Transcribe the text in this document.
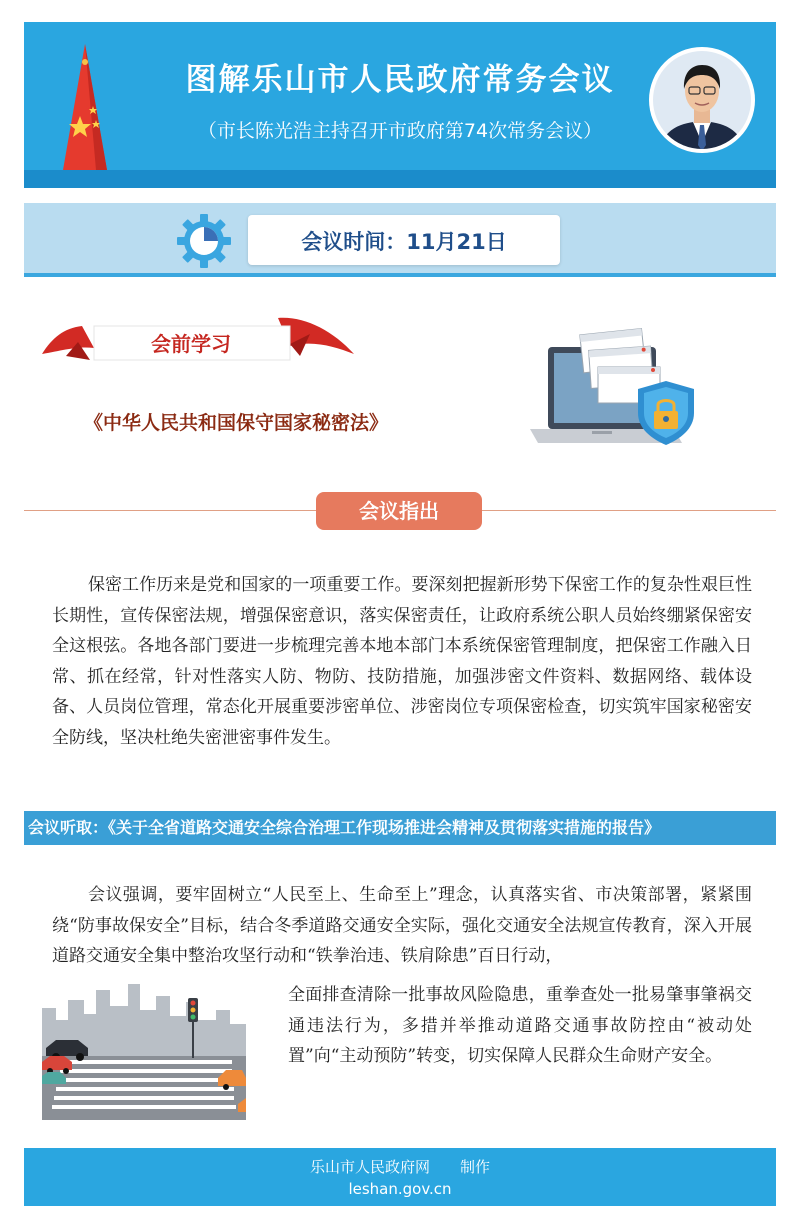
图解乐山市人民政府常务会议
（市长陈光浩主持召开市政府第74次常务会议）
会议时间：11月21日
会前学习
《中华人民共和国保守国家秘密法》
会议指出
保密工作历来是党和国家的一项重要工作。要深刻把握新形势下保密工作的复杂性艰巨性长期性，宣传保密法规，增强保密意识，落实保密责任，让政府系统公职人员始终绷紧保密安全这根弦。各地各部门要进一步梳理完善本地本部门本系统保密管理制度，把保密工作融入日常、抓在经常，针对性落实人防、物防、技防措施，加强涉密文件资料、数据网络、载体设备、人员岗位管理，常态化开展重要涉密单位、涉密岗位专项保密检查，切实筑牢国家秘密安全防线，坚决杜绝失密泄密事件发生。
会议听取：《关于全省道路交通安全综合治理工作现场推进会精神及贯彻落实措施的报告》
会议强调，要牢固树立“人民至上、生命至上”理念，认真落实省、市决策部署，紧紧围绕“防事故保安全”目标，结合冬季道路交通安全实际，强化交通安全法规宣传教育，深入开展道路交通安全集中整治攻坚行动和“铁拳治违、铁肩除患”百日行动，
全面排查清除一批事故风险隐患，重拳查处一批易肇事肇祸交通违法行为，多措并举推动道路交通事故防控由“被动处置”向“主动预防”转变，切实保障人民群众生命财产安全。
乐山市人民政府网　　制作
leshan.gov.cn
